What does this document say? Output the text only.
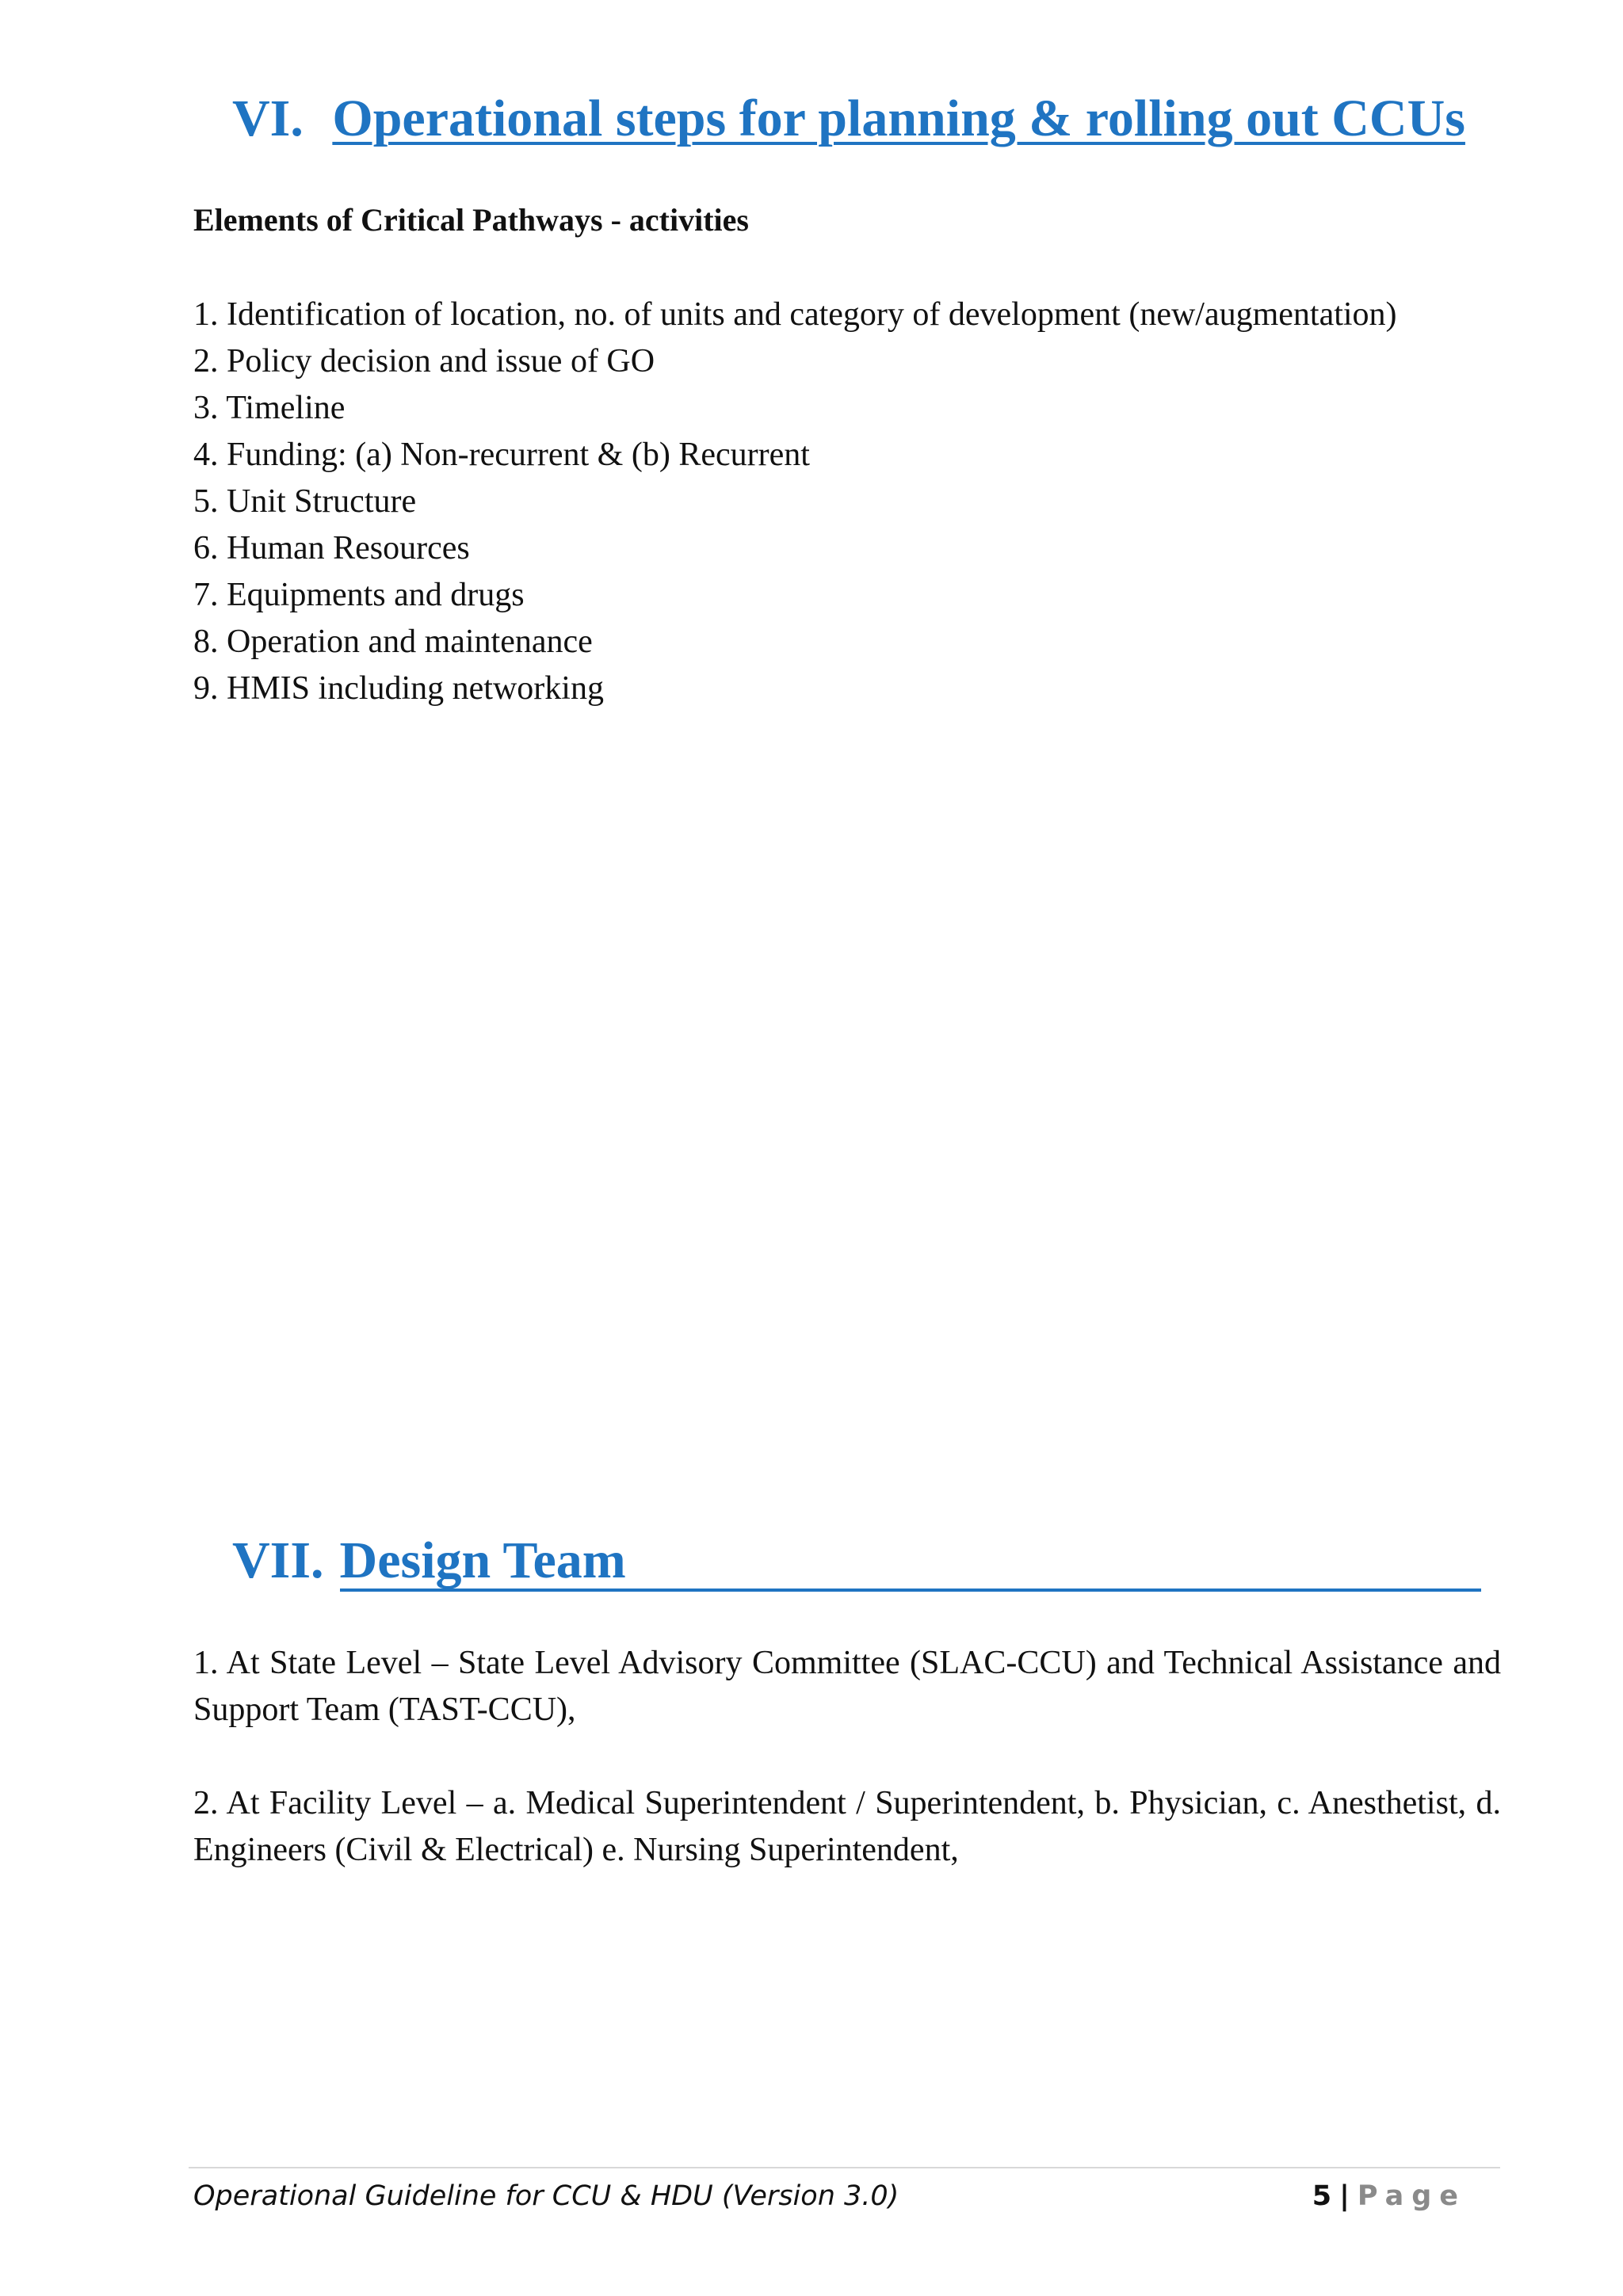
VI. Operational steps for planning & rolling out CCUs
Elements of Critical Pathways - activities
1. Identification of location, no. of units and category of development (new/augmentation)
2. Policy decision and issue of GO
3. Timeline
4. Funding: (a) Non-recurrent & (b) Recurrent
5. Unit Structure
6. Human Resources
7. Equipments and drugs
8. Operation and maintenance
9. HMIS including networking
VII. Design Team
1. At State Level – State Level Advisory Committee (SLAC-CCU) and Technical Assistance and Support Team (TAST-CCU),
2. At Facility Level – a. Medical Superintendent / Superintendent, b. Physician, c. Anesthetist, d. Engineers (Civil & Electrical) e. Nursing Superintendent,
Operational Guideline for CCU & HDU (Version 3.0)	5 | Page
